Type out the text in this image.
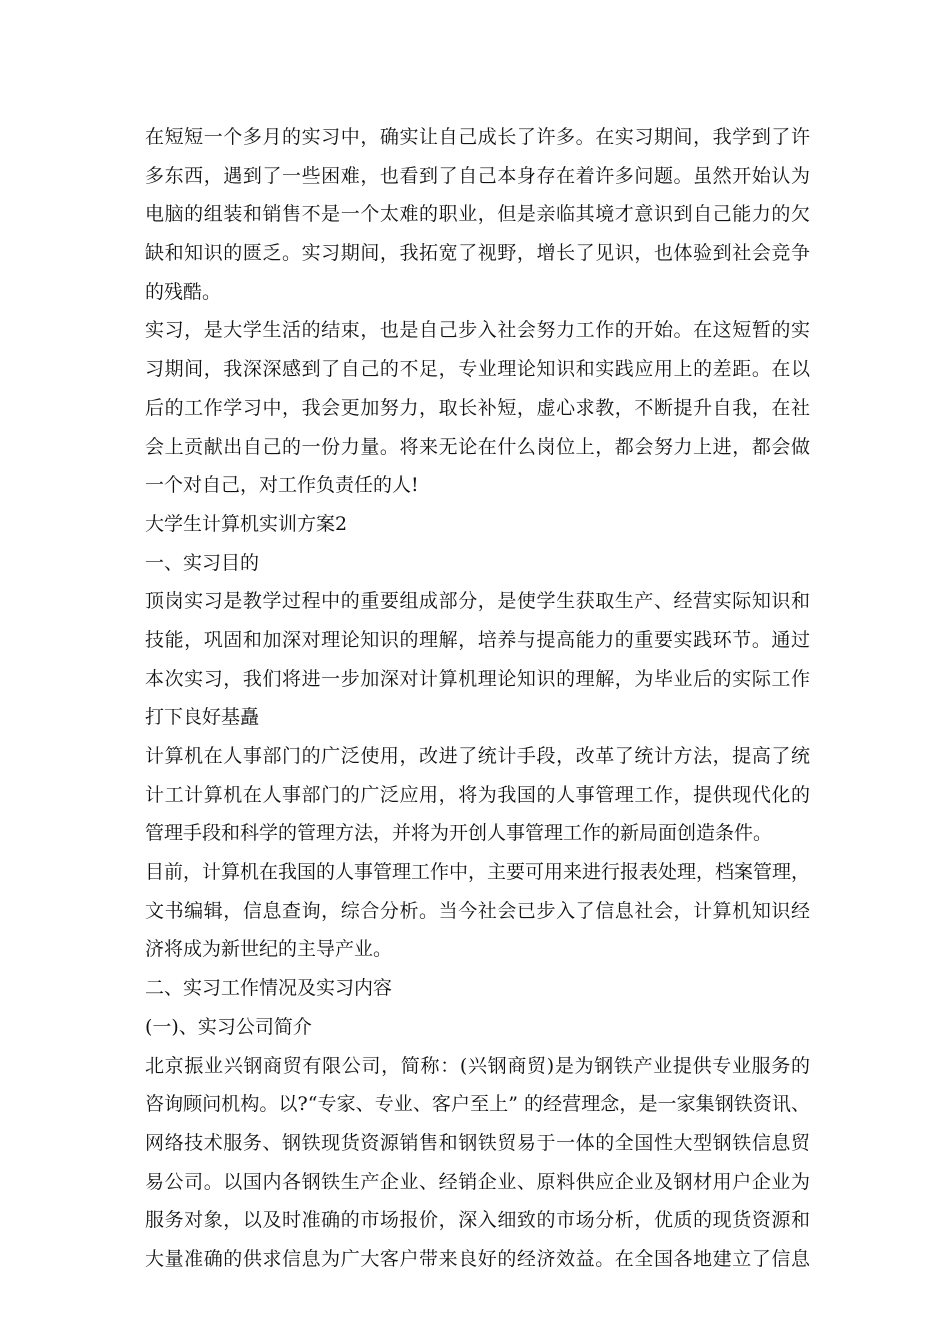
在短短一个多月的实习中，确实让自己成长了许多。在实习期间，我学到了许
多东西，遇到了一些困难，也看到了自己本身存在着许多问题。虽然开始认为
电脑的组装和销售不是一个太难的职业，但是亲临其境才意识到自己能力的欠
缺和知识的匮乏。实习期间，我拓宽了视野，增长了见识，也体验到社会竞争
的残酷。
实习，是大学生活的结束，也是自己步入社会努力工作的开始。在这短暂的实
习期间，我深深感到了自己的不足，专业理论知识和实践应用上的差距。在以
后的工作学习中，我会更加努力，取长补短，虚心求教，不断提升自我，在社
会上贡献出自己的一份力量。将来无论在什么岗位上，都会努力上进，都会做
一个对自己，对工作负责任的人!
大学生计算机实训方案2
一、实习目的
顶岗实习是教学过程中的重要组成部分，是使学生获取生产、经营实际知识和
技能，巩固和加深对理论知识的理解，培养与提高能力的重要实践环节。通过
本次实习，我们将进一步加深对计算机理论知识的理解，为毕业后的实际工作
打下良好基矗
计算机在人事部门的广泛使用，改进了统计手段，改革了统计方法，提高了统
计工计算机在人事部门的广泛应用，将为我国的人事管理工作，提供现代化的
管理手段和科学的管理方法，并将为开创人事管理工作的新局面创造条件。
目前，计算机在我国的人事管理工作中，主要可用来进行报表处理，档案管理，
文书编辑，信息查询，综合分析。当今社会已步入了信息社会，计算机知识经
济将成为新世纪的主导产业。
二、实习工作情况及实习内容
(一)、实习公司简介
北京振业兴钢商贸有限公司，简称：(兴钢商贸)是为钢铁产业提供专业服务的
咨询顾问机构。以?“专家、专业、客户至上” 的经营理念，是一家集钢铁资讯、
网络技术服务、钢铁现货资源销售和钢铁贸易于一体的全国性大型钢铁信息贸
易公司。以国内各钢铁生产企业、经销企业、原料供应企业及钢材用户企业为
服务对象，以及时准确的市场报价，深入细致的市场分析，优质的现货资源和
大量准确的供求信息为广大客户带来良好的经济效益。在全国各地建立了信息
